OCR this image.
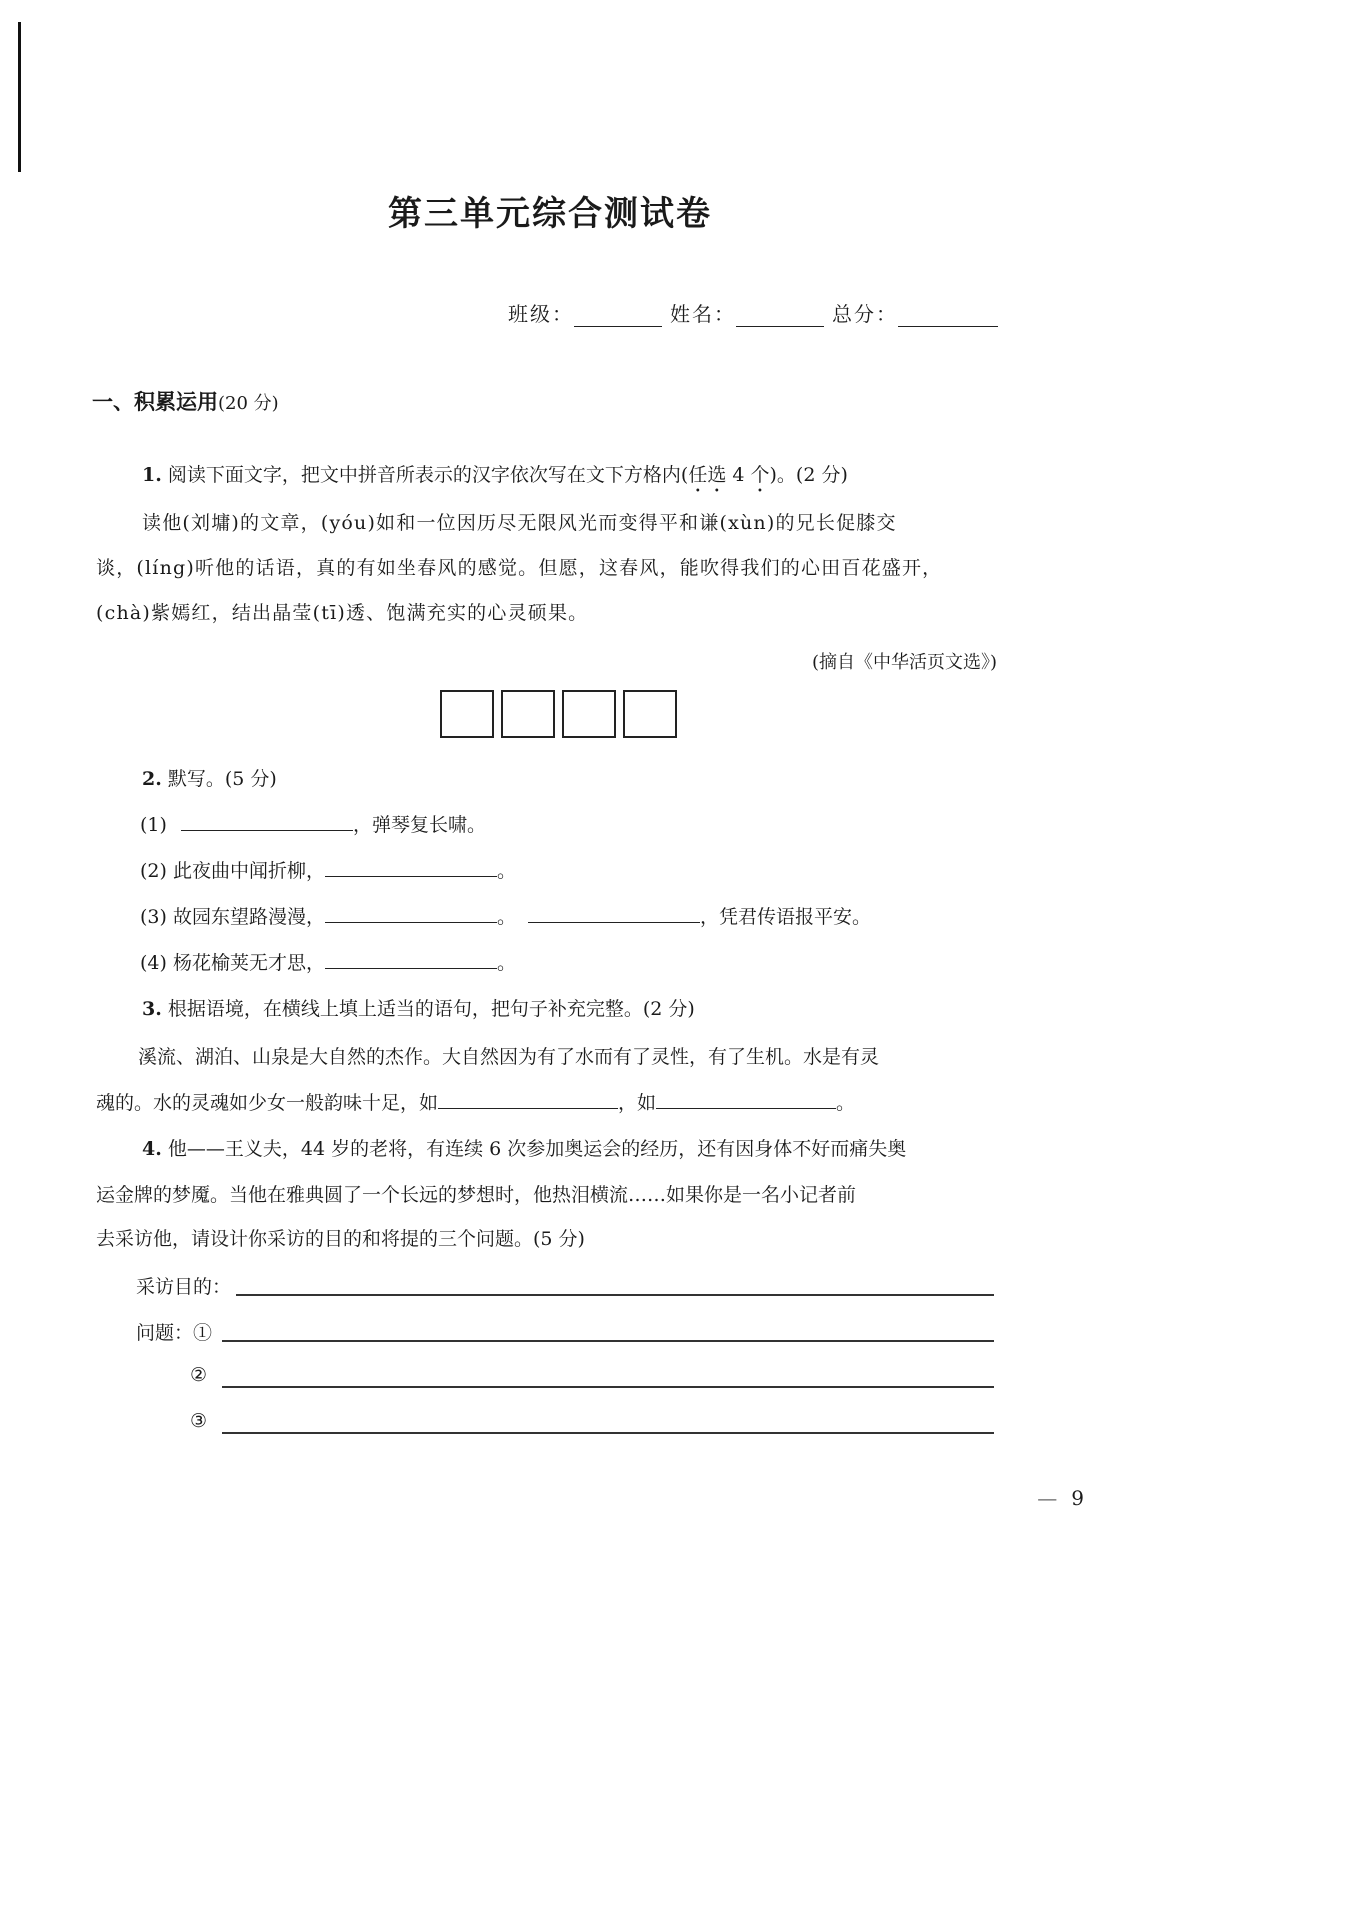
第三单元综合测试卷
班级：	姓名：	总分：
一、积累运用(20 分)
1. 阅读下面文字，把文中拼音所表示的汉字依次写在文下方格内(任选 4 个)。(2 分)
读他(刘墉)的文章，(yóu)如和一位因历尽无限风光而变得平和谦(xùn)的兄长促膝交
谈，(líng)听他的话语，真的有如坐春风的感觉。但愿，这春风，能吹得我们的心田百花盛开，
(chà)紫嫣红，结出晶莹(tī)透、饱满充实的心灵硕果。
(摘自《中华活页文选》)
2. 默写。(5 分)
(1)	，弹琴复长啸。
(2) 此夜曲中闻折柳，	。
(3) 故园东望路漫漫，	。	，凭君传语报平安。
(4) 杨花榆荚无才思，	。
3. 根据语境，在横线上填上适当的语句，把句子补充完整。(2 分)
溪流、湖泊、山泉是大自然的杰作。大自然因为有了水而有了灵性，有了生机。水是有灵
魂的。水的灵魂如少女一般韵味十足，如	，如	。
4. 他——王义夫，44 岁的老将，有连续 6 次参加奥运会的经历，还有因身体不好而痛失奥
运金牌的梦魇。当他在雅典圆了一个长远的梦想时，他热泪横流……如果你是一名小记者前
去采访他，请设计你采访的目的和将提的三个问题。(5 分)
采访目的：
问题：①
②
③
— 9
